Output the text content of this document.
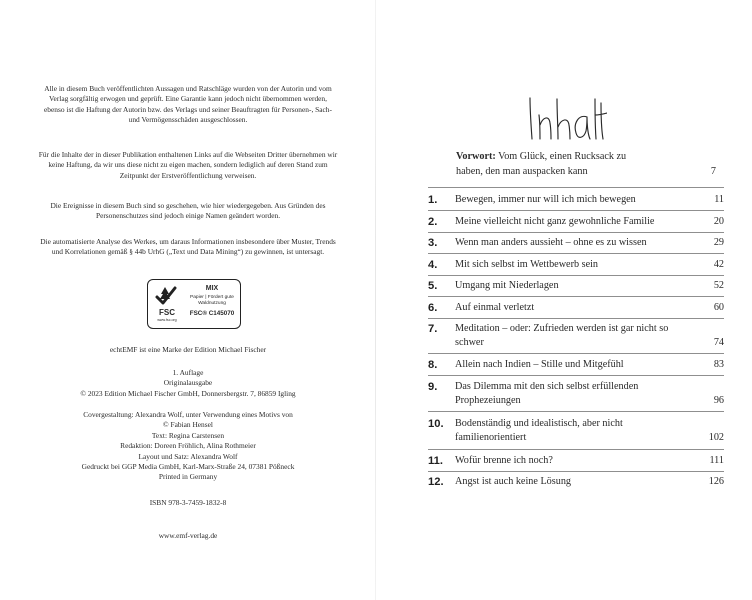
Alle in diesem Buch veröffentlichten Aussagen und Ratschläge wurden von der Autorin und vom Verlag sorgfältig erwogen und geprüft. Eine Garantie kann jedoch nicht übernommen werden, ebenso ist die Haftung der Autorin bzw. des Verlags und seiner Beauftragten für Personen-, Sach- und Vermögensschäden ausgeschlossen.

Für die Inhalte der in dieser Publikation enthaltenen Links auf die Webseiten Dritter übernehmen wir keine Haftung, da wir uns diese nicht zu eigen machen, sondern lediglich auf deren Stand zum Zeitpunkt der Erstveröffentlichung verweisen.

Die Ereignisse in diesem Buch sind so geschehen, wie hier wiedergegeben. Aus Gründen des Personenschutzes sind jedoch einige Namen geändert worden.

Die automatisierte Analyse des Werkes, um daraus Informationen insbesondere über Muster, Trends und Korrelationen gemäß § 44b UrhG („Text und Data Mining“) zu gewinnen, ist untersagt.

FSC
www.fsc.org
MIX
Papier | Fördert gute Waldnutzung
FSC® C145070

echtEMF ist eine Marke der Edition Michael Fischer

1. Auflage

Originalausgabe

© 2023 Edition Michael Fischer GmbH, Donnersbergstr. 7, 86859 Igling

Covergestaltung: Alexandra Wolf, unter Verwendung eines Motivs von

© Fabian Hensel

Text: Regina Carstensen

Redaktion: Doreen Fröhlich, Alina Rothmeier

Layout und Satz: Alexandra Wolf

Gedruckt bei GGP Media GmbH, Karl-Marx-Straße 24, 07381 Pößneck

Printed in Germany

ISBN 978-3-7459-1832-8

www.emf-verlag.de

Vorwort: Vom Glück, einen Rucksack zu
haben, den man auspacken kann	7
1. Bewegen, immer nur will ich mich bewegen	11
2. Meine vielleicht nicht ganz gewohnliche Familie	20
3. Wenn man anders aussieht – ohne es zu wissen	29
4. Mit sich selbst im Wettbewerb sein	42
5. Umgang mit Niederlagen	52
6. Auf einmal verletzt	60
7. Meditation – oder: Zufrieden werden ist gar nicht so schwer	74
8. Allein nach Indien – Stille und Mitgefühl	83
9. Das Dilemma mit den sich selbst erfüllenden Prophezeiungen	96
10. Bodenständig und idealistisch, aber nicht familienorientiert	102
11. Wofür brenne ich noch?	111
12. Angst ist auch keine Lösung	126
